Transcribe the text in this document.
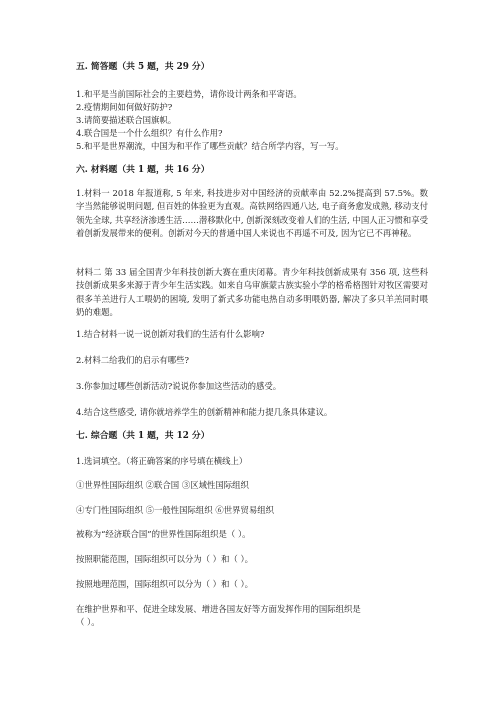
五. 简答题（共 5 题，共 29 分）
1.和平是当前国际社会的主要趋势，请你设计两条和平寄语。
2.疫情期间如何做好防护?
3.请简要描述联合国旗帜。
4.联合国是一个什么组织？有什么作用?
5.和平是世界潮流，中国为和平作了哪些贡献？结合所学内容，写一写。
六. 材料题（共 1 题，共 16 分）
1.材料一 2018 年报道称, 5 年来, 科技进步对中国经济的贡献率由 52.2%提高到 57.5%。数字当然能够说明问题, 但百姓的体验更为直观。高铁网络四通八达, 电子商务愈发成熟, 移动支付领先全球, 共享经济渗透生活……潜移默化中, 创新深刻改变着人们的生活, 中国人正习惯和享受着创新发展带来的便利。创新对今天的普通中国人来说也不再遥不可及, 因为它已不再神秘。
材料二 第 33 届全国青少年科技创新大赛在重庆闭幕。青少年科技创新成果有 356 项, 这些科技创新成果多来源于青少年生活实践。如来自乌审旗蒙古族实验小学的格希格图针对牧区需要对很多羊羔进行人工喂奶的困境, 发明了新式多功能电热自动多明喂奶器, 解决了多只羊羔同时喂奶的难题。
1.结合材料一说一说创新对我们的生活有什么影响?
2.材料二给我们的启示有哪些?
3.你参加过哪些创新活动?说说你参加这些活动的感受。
4.结合这些感受, 请你就培养学生的创新精神和能力提几条具体建议。
七. 综合题（共 1 题，共 12 分）
1.选词填空。（将正确答案的序号填在横线上）
①世界性国际组织 ②联合国 ③区域性国际组织
④专门性国际组织 ⑤一般性国际组织 ⑥世界贸易组织
被称为“经济联合国”的世界性国际组织是（ ）。
按照职能范围，国际组织可以分为（ ）和（ ）。
按照地理范围，国际组织可以分为（ ）和（ ）。
在维护世界和平、促进全球发展、增进各国友好等方面发挥作用的国际组织是
（ ）。
